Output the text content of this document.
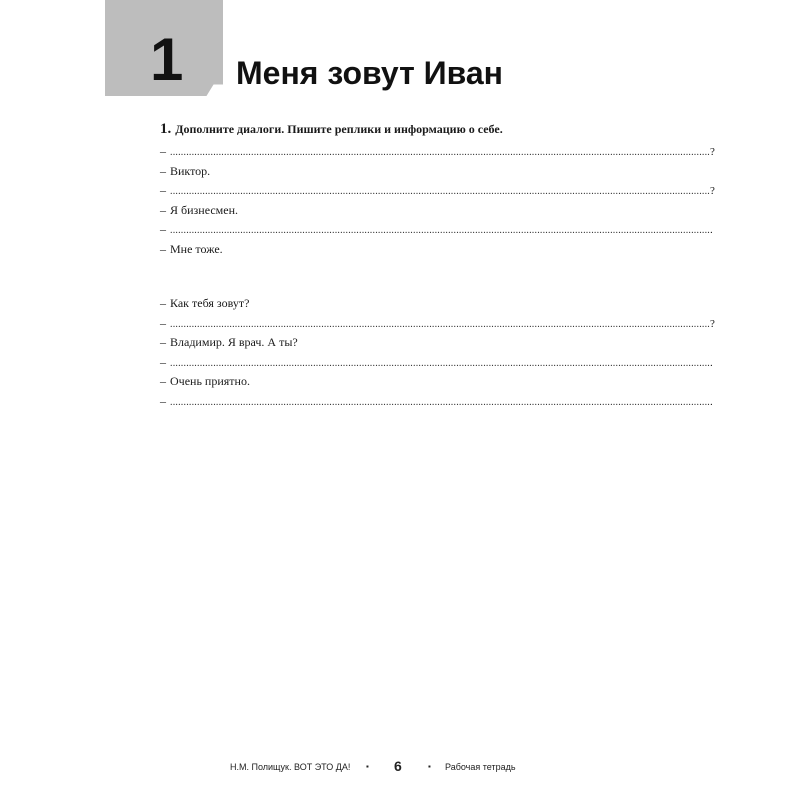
1 Меня зовут Иван
1. Дополните диалоги. Пишите реплики и информацию о себе.
– ........................................................................................................................................................................................................ ?
– Виктор.
– ........................................................................................................................................................................................................ ?
– Я бизнесмен.
– ........................................................................................................................................................................................................ .
– Мне тоже.
– Как тебя зовут?
– ........................................................................................................................................................................................................ ?
– Владимир. Я врач. А ты?
– ........................................................................................................................................................................................................ .
– Очень приятно.
– ........................................................................................................................................................................................................ .
Н.М. Полищук. ВОТ ЭТО ДА! ▪ 6	▪ Рабочая тетрадь
